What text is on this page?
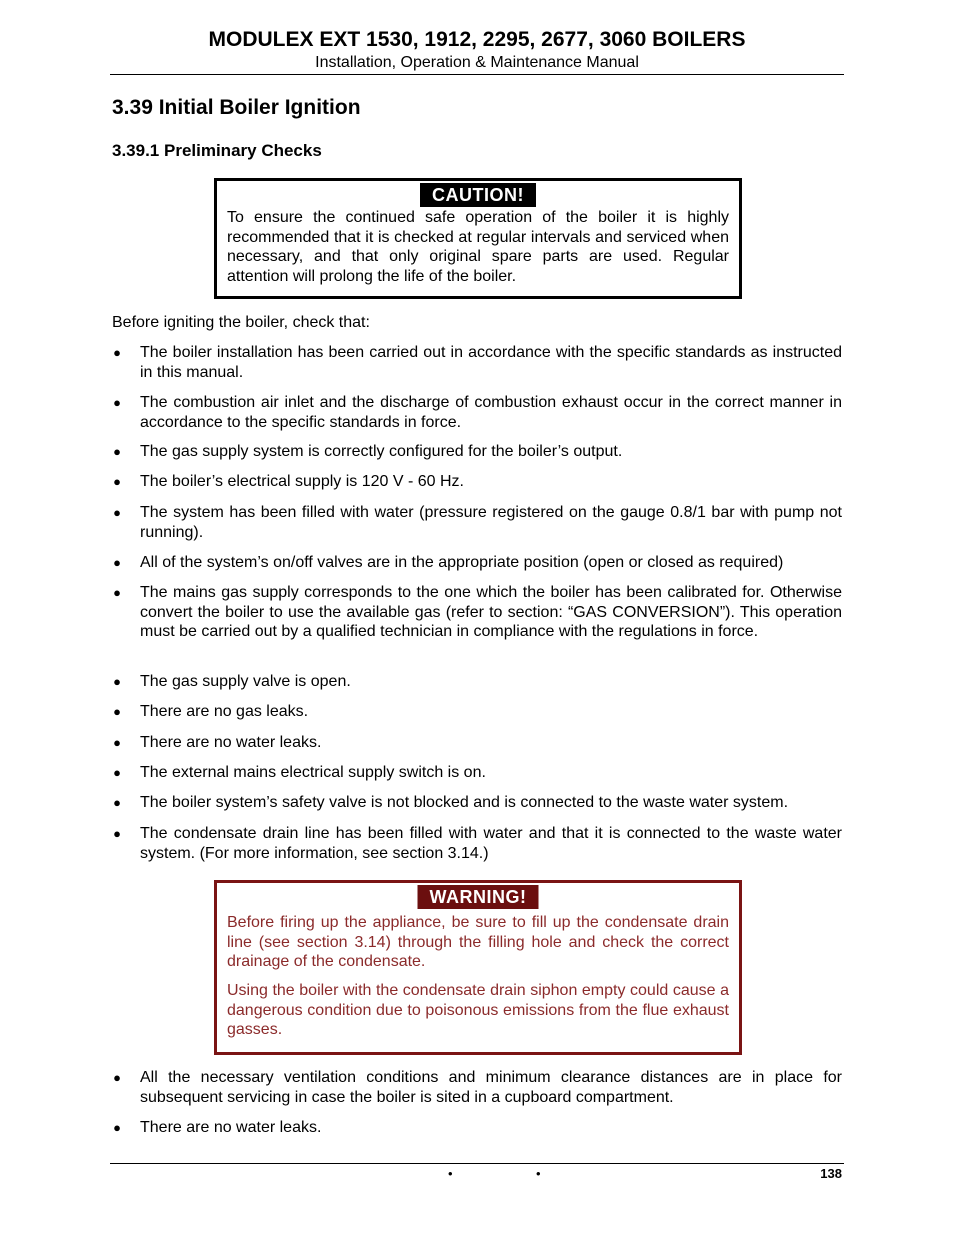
MODULEX EXT 1530, 1912, 2295, 2677, 3060 BOILERS
Installation, Operation & Maintenance Manual
3.39 Initial Boiler Ignition
3.39.1 Preliminary Checks
CAUTION!
To ensure the continued safe operation of the boiler it is highly recommended that it is checked at regular intervals and serviced when necessary, and that only original spare parts are used. Regular attention will prolong the life of the boiler.
Before igniting the boiler, check that:
● The boiler installation has been carried out in accordance with the specific standards as instructed in this manual.
● The combustion air inlet and the discharge of combustion exhaust occur in the correct manner in accordance to the specific standards in force.
● The gas supply system is correctly configured for the boiler’s output.
● The boiler’s electrical supply is 120 V - 60 Hz.
● The system has been filled with water (pressure registered on the gauge 0.8/1 bar with pump not running).
● All of the system’s on/off valves are in the appropriate position (open or closed as required)
● The mains gas supply corresponds to the one which the boiler has been calibrated for. Otherwise convert the boiler to use the available gas (refer to section: “GAS CONVERSION”). This operation must be carried out by a qualified technician in compliance with the regulations in force.
● The gas supply valve is open.
● There are no gas leaks.
● There are no water leaks.
● The external mains electrical supply switch is on.
● The boiler system’s safety valve is not blocked and is connected to the waste water system.
● The condensate drain line has been filled with water and that it is connected to the waste water system. (For more information, see section 3.14.)
WARNING!
Before firing up the appliance, be sure to fill up the condensate drain line (see section 3.14) through the filling hole and check the correct drainage of the condensate.
Using the boiler with the condensate drain siphon empty could cause a dangerous condition due to poisonous emissions from the flue exhaust gasses.
● All the necessary ventilation conditions and minimum clearance distances are in place for subsequent servicing in case the boiler is sited in a cupboard compartment.
● There are no water leaks.
•	•	138
